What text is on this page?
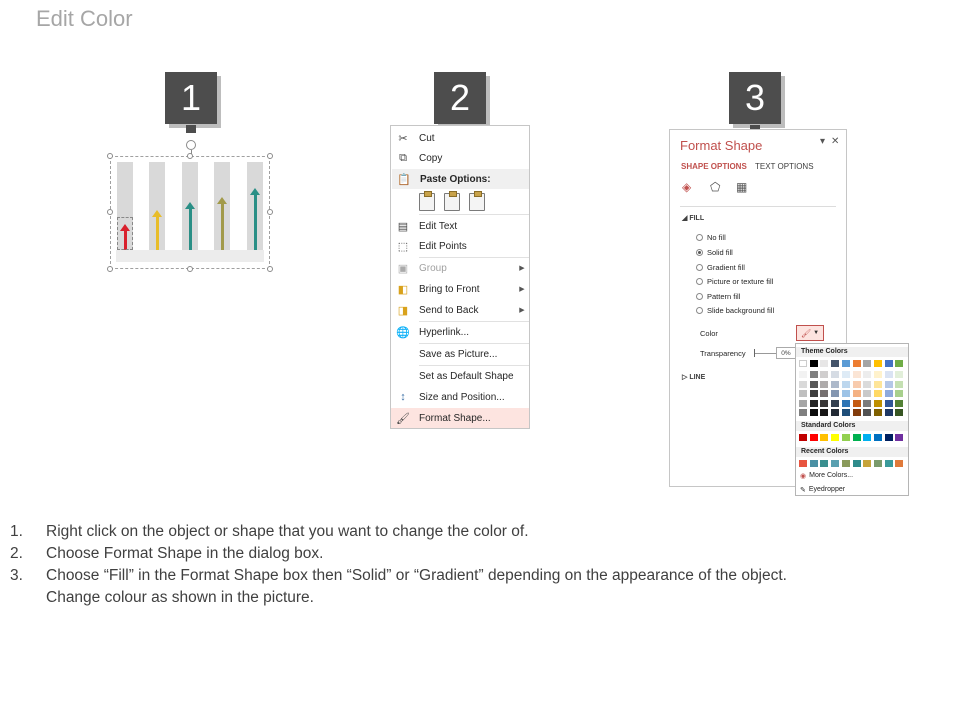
Edit Color
1	2	3
✂	Cut
⧉	Copy
📋 Paste Options:
▤ Edit Text
⬚ Edit Points
▣ Group	▶
◧ Bring to Front	▶
◨ Send to Back	▶
🌐 Hyperlink...
Save as Picture...
Set as Default Shape
↕	Size and Position...
🖌 Format Shape...
Format Shape	▾ ✕
SHAPE OPTIONS TEXT OPTIONS
◈ ⬠ ▦
◢ FILL
No fill
Solid fill
Gradient fill
Picture or texture fill
Pattern fill
Slide background fill
Color	🖌 ▼
Transparency	0%
▷ LINE
Theme Colors
Standard Colors
Recent Colors
◉ More Colors...
✎ Eyedropper
1.	Right click on the object or shape that you want to change the color of.
2.	Choose Format Shape in the dialog box.
3.	Choose “Fill” in the Format Shape box then “Solid” or “Gradient” depending on the appearance of the object.
Change colour as shown in the picture.
